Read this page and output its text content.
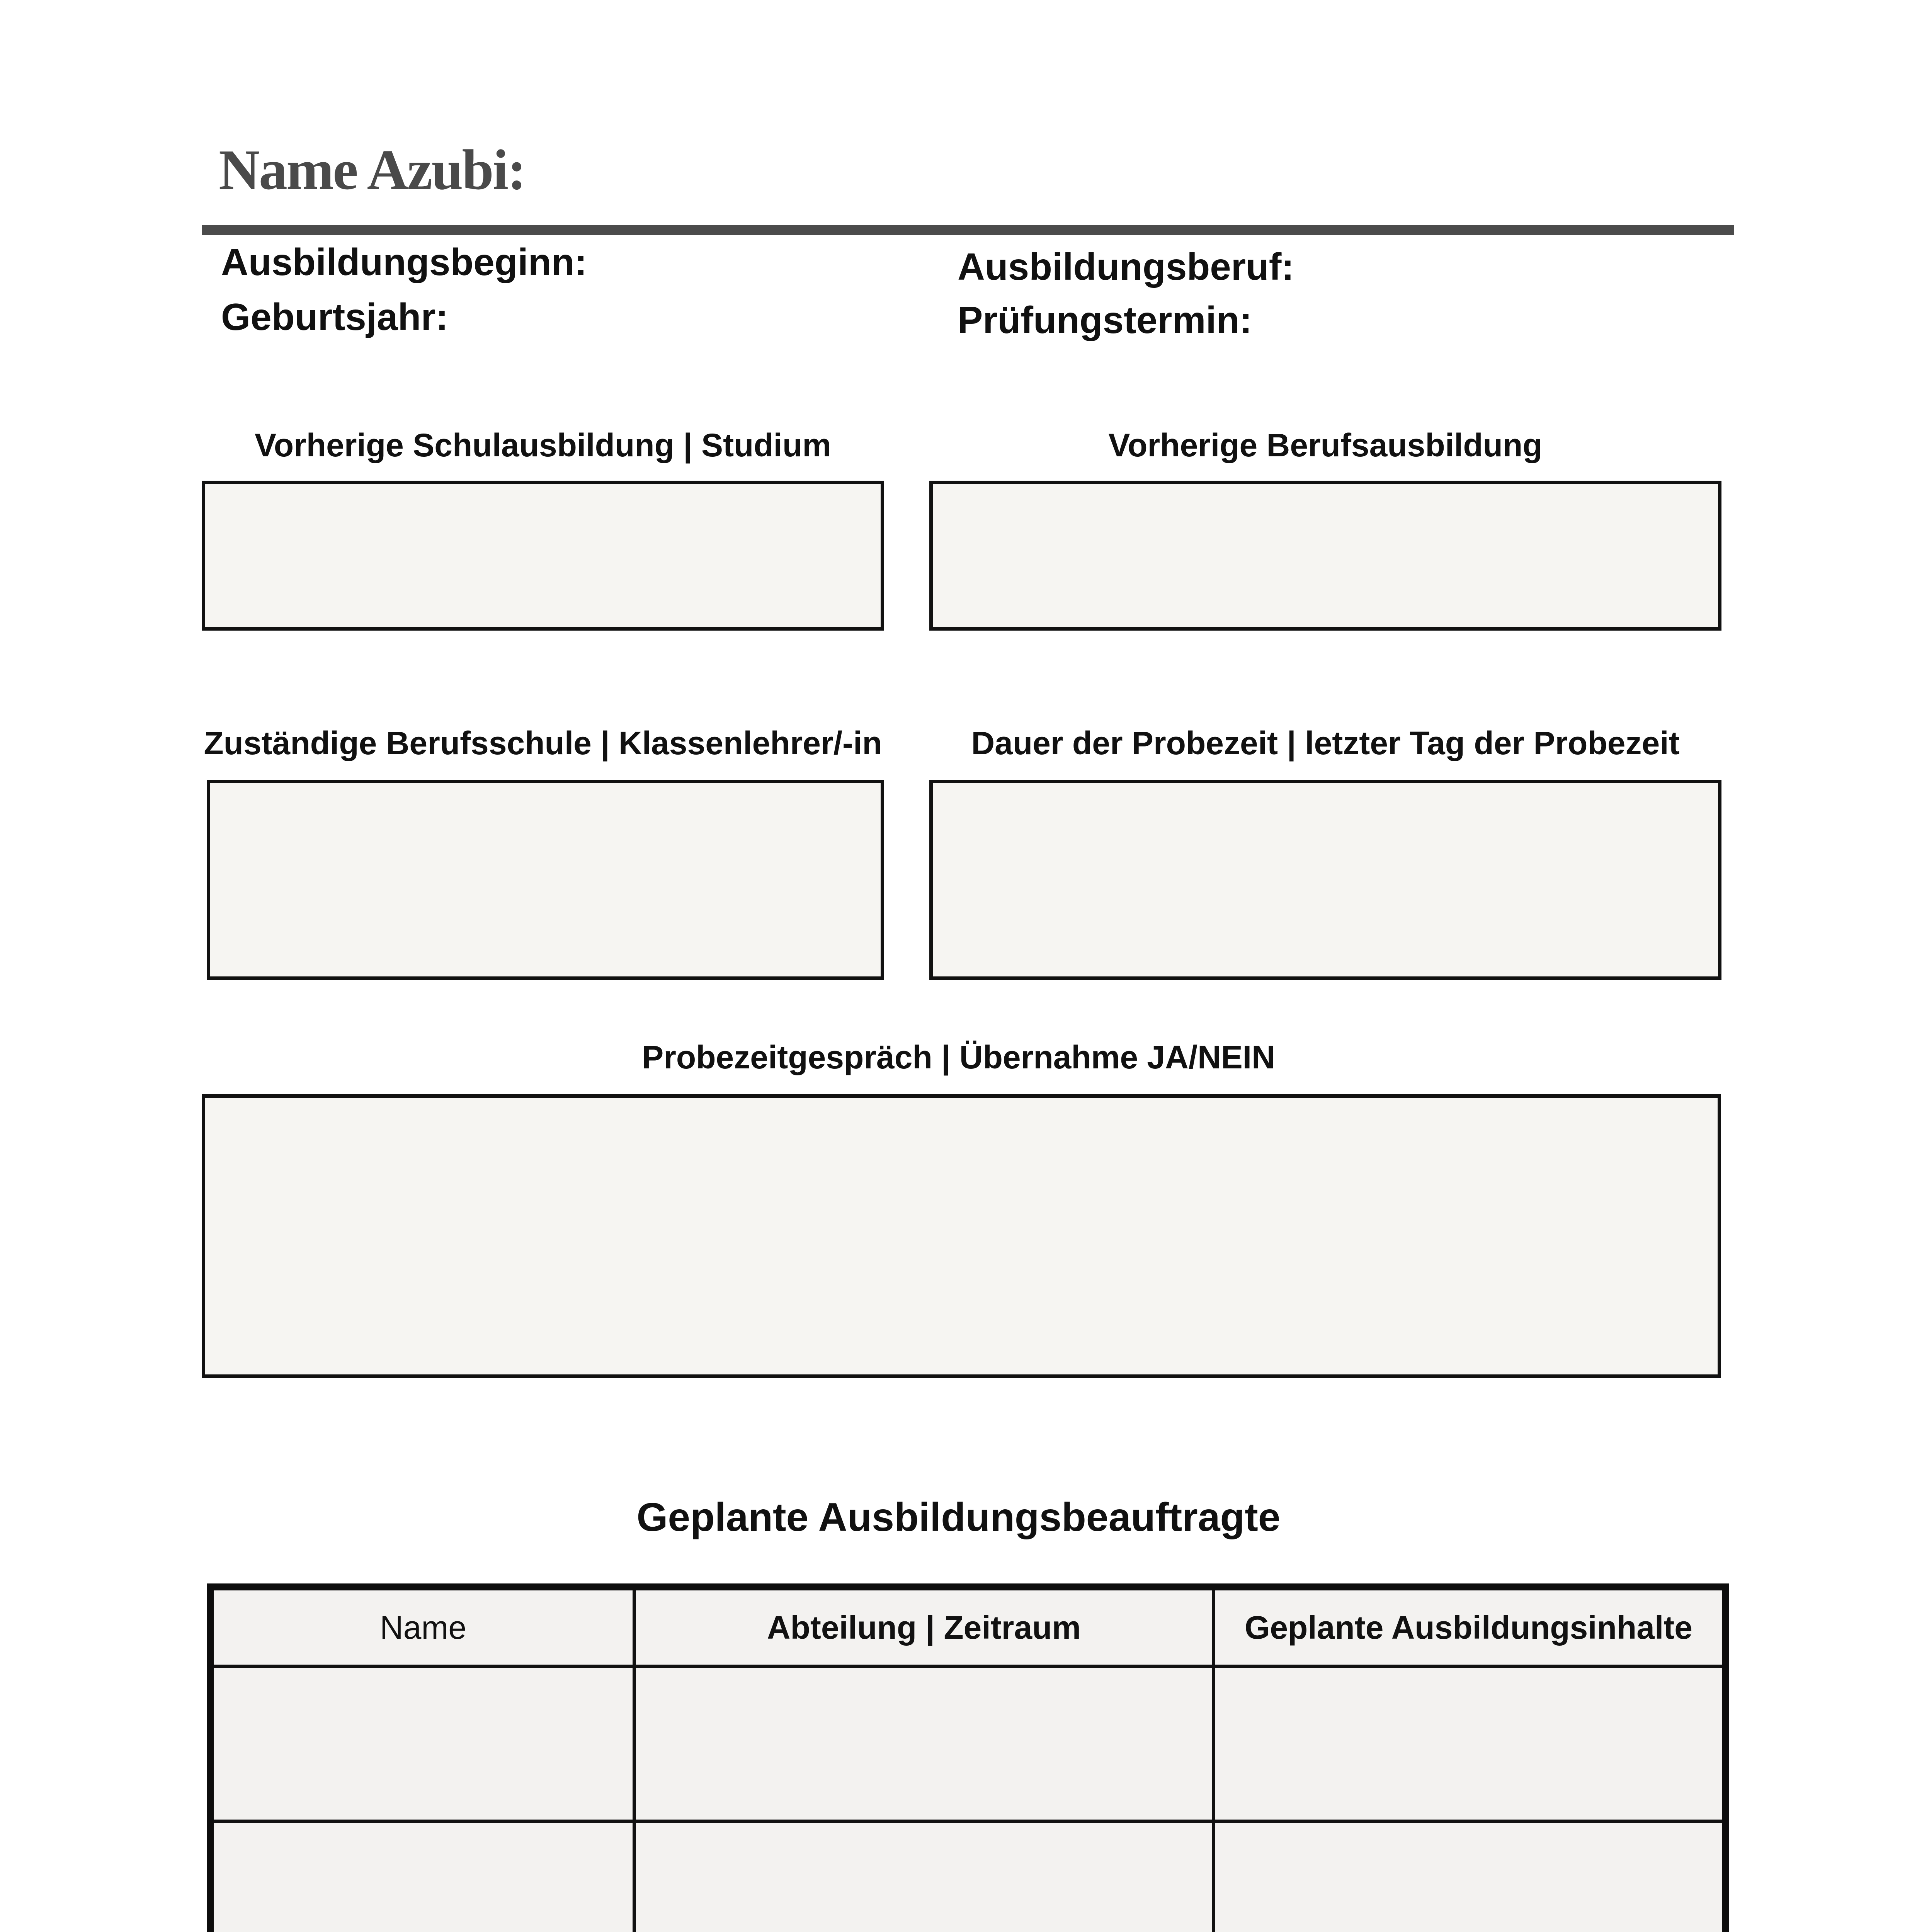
Name Azubi:
Ausbildungsbeginn:
Geburtsjahr:
Ausbildungsberuf:
Prüfungstermin:
Vorherige Schulausbildung | Studium	Vorherige Berufsausbildung
Zuständige Berufsschule | Klassenlehrer/-in	Dauer der Probezeit | letzter Tag der Probezeit
Probezeitgespräch | Übernahme JA/NEIN
Geplante Ausbildungsbeauftragte
Name	Abteilung | Zeitraum	Geplante Ausbildungsinhalte
